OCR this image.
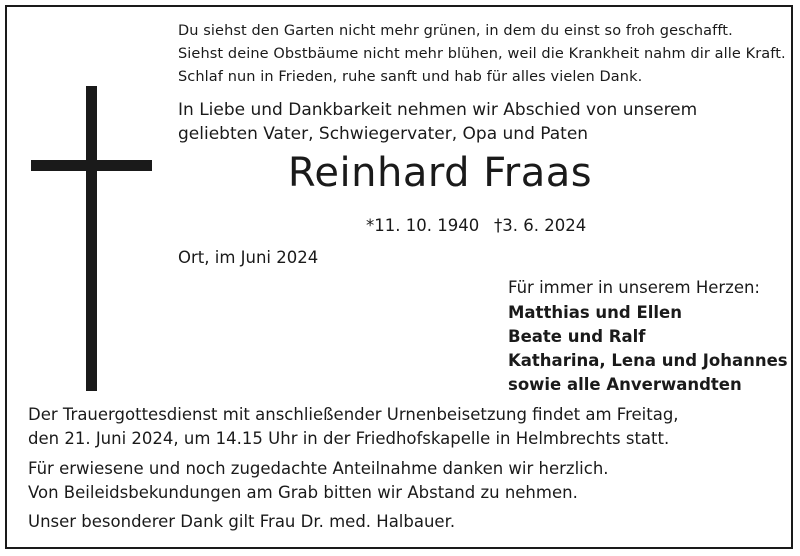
Du siehst den Garten nicht mehr grünen, in dem du einst so froh geschafft.
Siehst deine Obstbäume nicht mehr blühen, weil die Krankheit nahm dir alle Kraft.
Schlaf nun in Frieden, ruhe sanft und hab für alles vielen Dank.
In Liebe und Dankbarkeit nehmen wir Abschied von unserem
geliebten Vater, Schwiegervater, Opa und Paten
Reinhard Fraas
*11. 10. 1940 †3. 6. 2024
Ort, im Juni 2024
Für immer in unserem Herzen:
Matthias und Ellen
Beate und Ralf
Katharina, Lena und Johannes
sowie alle Anverwandten
Der Trauergottesdienst mit anschließender Urnenbeisetzung findet am Freitag,
den 21. Juni 2024, um 14.15 Uhr in der Friedhofskapelle in Helmbrechts statt.
Für erwiesene und noch zugedachte Anteilnahme danken wir herzlich.
Von Beileidsbekundungen am Grab bitten wir Abstand zu nehmen.
Unser besonderer Dank gilt Frau Dr. med. Halbauer.
